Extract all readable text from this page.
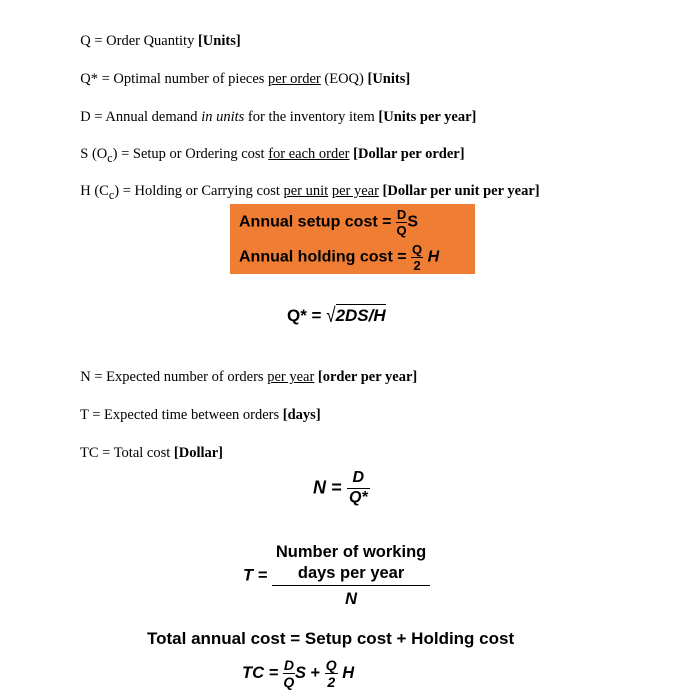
Q = Order Quantity [Units]

Q* = Optimal number of pieces per order (EOQ) [Units]

D = Annual demand in units for the inventory item [Units per year]

S $(O_c)$ = Setup or Ordering cost for each order [Dollar per order]

H $(C_c)$ = Holding or Carrying cost per unit per year [Dollar per unit per year]

Annual setup $\cos t = \frac{D}{Q}$ S
Annual holding $\cos t = \frac{Q}{2}$ H
Q* = √2DS/H

N = Expected number of orders per year [order per year]

T = Expected time between orders [days]

TC = Total cost [Dollar]

$N = \frac{D}{Q*}$
T = Number of working
days per year
N
Total annual cost = Setup cost + Holding cost
TC = $\frac{D}{Q}$ $S + \frac{Q}{2}$ H
